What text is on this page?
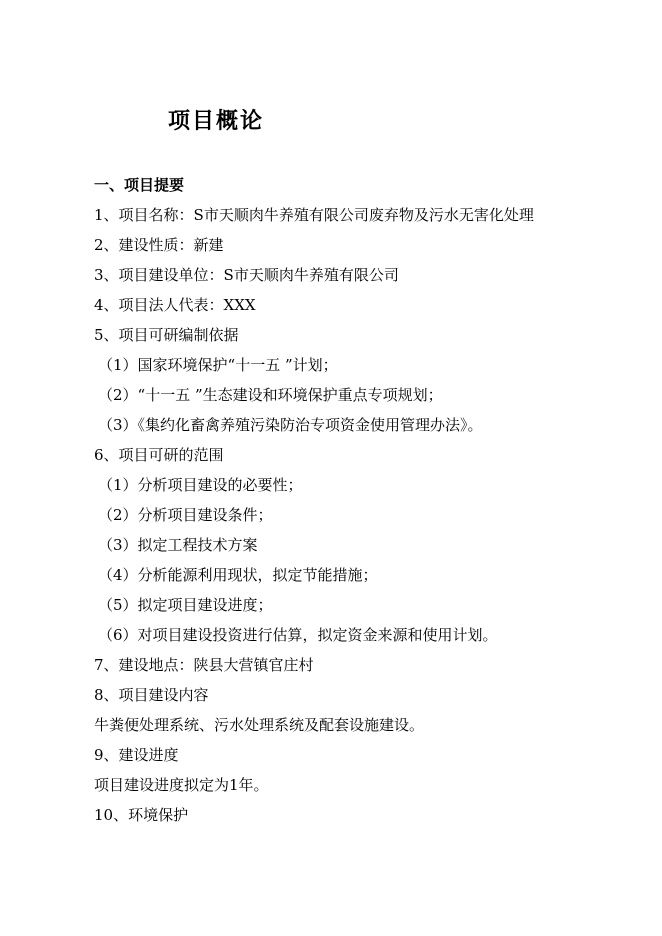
项目概论
一、项目提要
1、项目名称：S市天顺肉牛养殖有限公司废弃物及污水无害化处理
2、建设性质：新建
3、项目建设单位：S市天顺肉牛养殖有限公司
4、项目法人代表：XXX
5、项目可研编制依据
（1）国家环境保护“十一五 ”计划；
（2）“十一五 ”生态建设和环境保护重点专项规划；
（3）《集约化畜禽养殖污染防治专项资金使用管理办法》。
6、项目可研的范围
（1）分析项目建设的必要性；
（2）分析项目建设条件；
（3）拟定工程技术方案
（4）分析能源利用现状，拟定节能措施；
（5）拟定项目建设进度；
（6）对项目建设投资进行估算，拟定资金来源和使用计划。
7、建设地点：陕县大营镇官庄村
8、项目建设内容
牛粪便处理系统、污水处理系统及配套设施建设。
9、建设进度
项目建设进度拟定为1年。
10、环境保护
